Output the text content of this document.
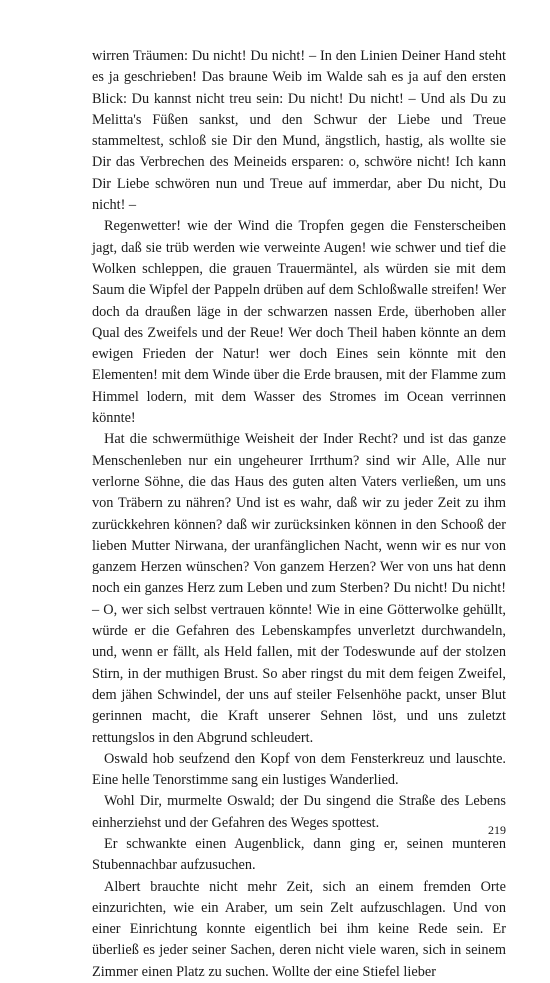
wirren Träumen: Du nicht! Du nicht! – In den Linien Deiner Hand steht es ja geschrieben! Das braune Weib im Walde sah es ja auf den ersten Blick: Du kannst nicht treu sein: Du nicht! Du nicht! – Und als Du zu Melitta's Füßen sankst, und den Schwur der Liebe und Treue stammeltest, schloß sie Dir den Mund, ängstlich, hastig, als wollte sie Dir das Verbrechen des Meineids ersparen: o, schwöre nicht! Ich kann Dir Liebe schwören nun und Treue auf immerdar, aber Du nicht, Du nicht! –

Regenwetter! wie der Wind die Tropfen gegen die Fensterscheiben jagt, daß sie trüb werden wie verweinte Augen! wie schwer und tief die Wolken schleppen, die grauen Trauermäntel, als würden sie mit dem Saum die Wipfel der Pappeln drüben auf dem Schloßwalle streifen! Wer doch da draußen läge in der schwarzen nassen Erde, überhoben aller Qual des Zweifels und der Reue! Wer doch Theil haben könnte an dem ewigen Frieden der Natur! wer doch Eines sein könnte mit den Elementen! mit dem Winde über die Erde brausen, mit der Flamme zum Himmel lodern, mit dem Wasser des Stromes im Ocean verrinnen könnte!

Hat die schwermüthige Weisheit der Inder Recht? und ist das ganze Menschenleben nur ein ungeheurer Irrthum? sind wir Alle, Alle nur verlorne Söhne, die das Haus des guten alten Vaters verließen, um uns von Träbern zu nähren? Und ist es wahr, daß wir zu jeder Zeit zu ihm zurückkehren können? daß wir zurücksinken können in den Schooß der lieben Mutter Nirwana, der uranfänglichen Nacht, wenn wir es nur von ganzem Herzen wünschen? Von ganzem Herzen? Wer von uns hat denn noch ein ganzes Herz zum Leben und zum Sterben? Du nicht! Du nicht! – O, wer sich selbst vertrauen könnte! Wie in eine Götterwolke gehüllt, würde er die Gefahren des Lebenskampfes unverletzt durchwandeln, und, wenn er fällt, als Held fallen, mit der Todeswunde auf der stolzen Stirn, in der muthigen Brust. So aber ringst du mit dem feigen Zweifel, dem jähen Schwindel, der uns auf steiler Felsenhöhe packt, unser Blut gerinnen macht, die Kraft unserer Sehnen löst, und uns zuletzt rettungslos in den Abgrund schleudert.

Oswald hob seufzend den Kopf von dem Fensterkreuz und lauschte. Eine helle Tenorstimme sang ein lustiges Wanderlied.

Wohl Dir, murmelte Oswald; der Du singend die Straße des Lebens einherziehst und der Gefahren des Weges spottest.

Er schwankte einen Augenblick, dann ging er, seinen munteren Stubennachbar aufzusuchen.

Albert brauchte nicht mehr Zeit, sich an einem fremden Orte einzurichten, wie ein Araber, um sein Zelt aufzuschlagen. Und von einer Einrichtung konnte eigentlich bei ihm keine Rede sein. Er überließ es jeder seiner Sachen, deren nicht viele waren, sich in seinem Zimmer einen Platz zu suchen. Wollte der eine Stiefel lieber

219
